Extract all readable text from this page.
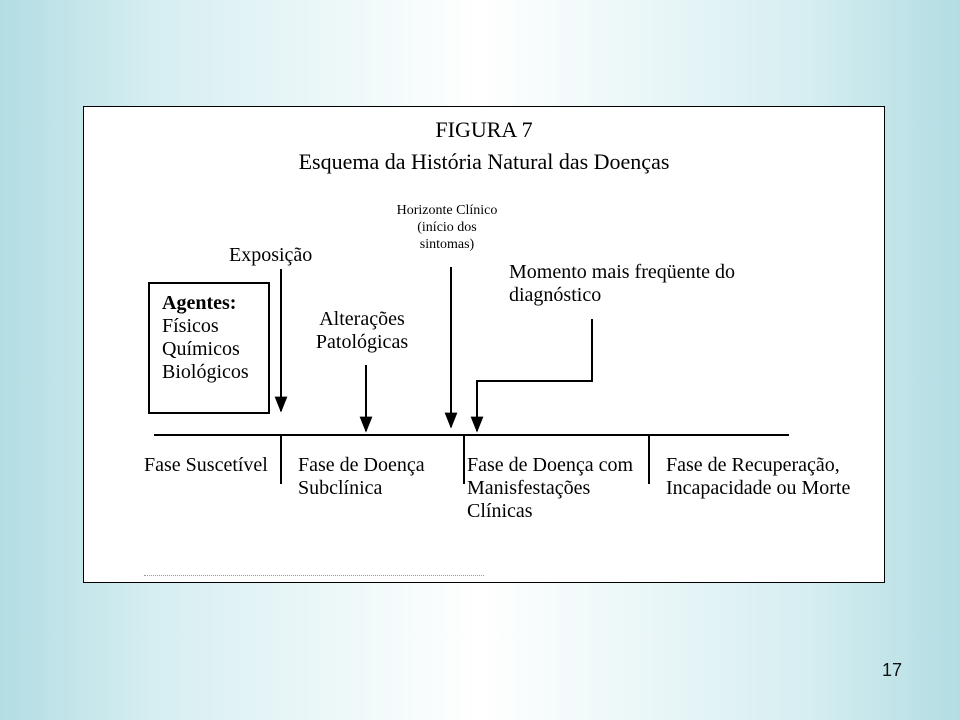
FIGURA 7
Esquema da História Natural das Doenças
Horizonte Clínico
(início dos
sintomas)
Exposição
Alterações
Patológicas
Momento mais freqüente do
diagnóstico
Agentes:
Físicos
Químicos
Biológicos
Fase Suscetível Fase de Doença
Subclínica
Fase de Doença com
Manisfestações
Clínicas
Fase de Recuperação,
Incapacidade ou Morte
17
